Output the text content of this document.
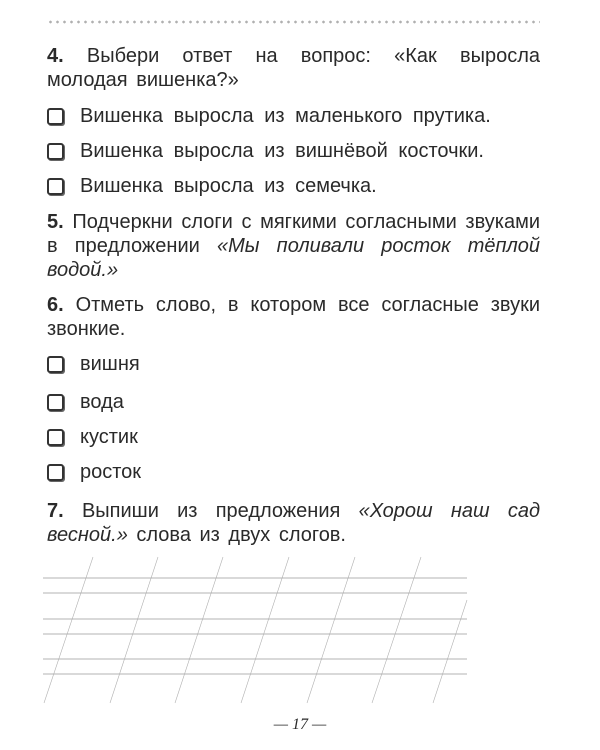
4. Выбери ответ на вопрос: «Как выросла молодая вишенка?»
Вишенка выросла из маленького прутика.
Вишенка выросла из вишнёвой косточки.
Вишенка выросла из семечка.
5. Подчеркни слоги с мягкими согласными звуками в предложении «Мы поливали росток тёплой водой.»
6. Отметь слово, в котором все согласные звуки звонкие.
вишня
вода
кустик
росток
7. Выпиши из предложения «Хорош наш сад весной.» слова из двух слогов.
— 17 —
